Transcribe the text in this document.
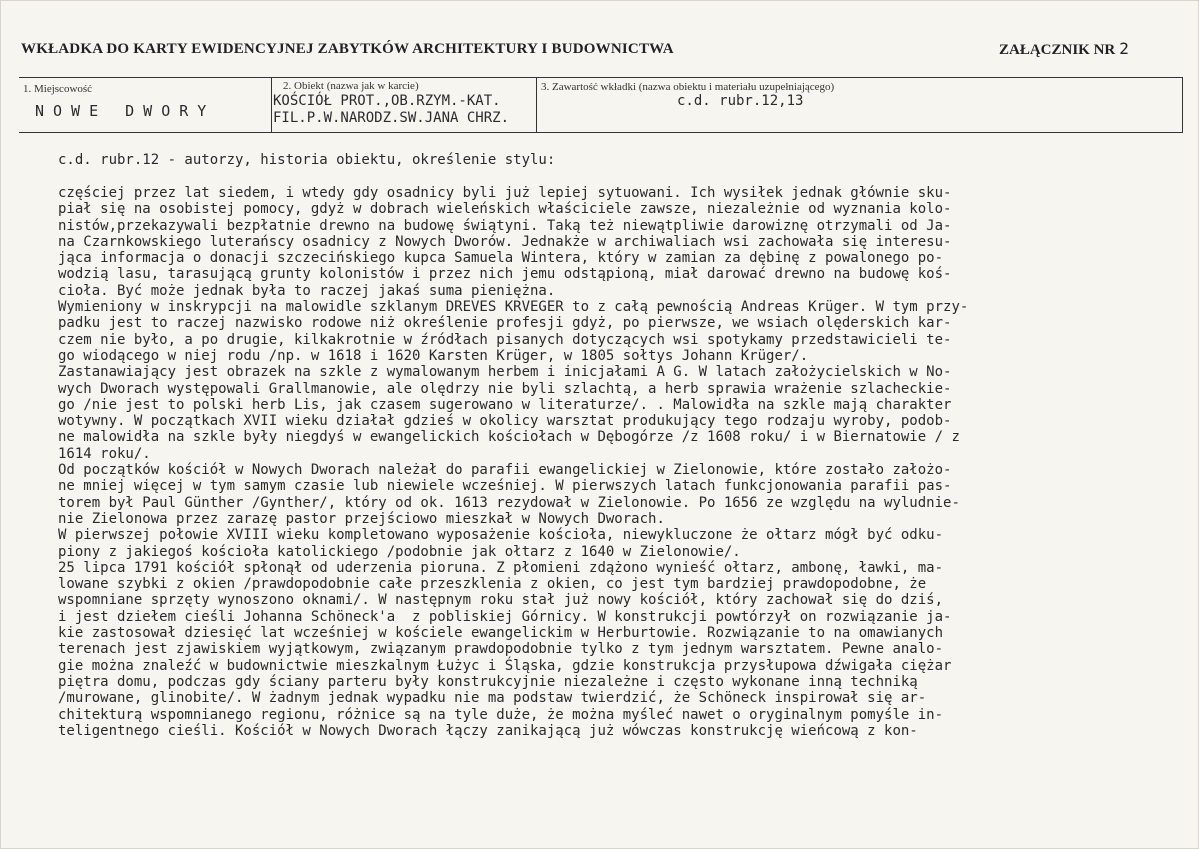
WKŁADKA DO KARTY EWIDENCYJNEJ ZABYTKÓW ARCHITEKTURY I BUDOWNICTWA	ZAŁĄCZNIK NR 2
1. Miejscowość
NOWE DWORY
2. Obiekt (nazwa jak w karcie)
KOŚCIÓŁ PROT.,OB.RZYM.-KAT.
FIL.P.W.NARODZ.SW.JANA CHRZ.
3. Zawartość wkładki (nazwa obiektu i materiału uzupełniającego)
c.d. rubr.12,13
c.d. rubr.12 - autorzy, historia obiektu, określenie stylu:
częściej przez lat siedem, i wtedy gdy osadnicy byli już lepiej sytuowani. Ich wysiłek jednak głównie sku-
piał się na osobistej pomocy, gdyż w dobrach wieleńskich właściciele zawsze, niezależnie od wyznania kolo-
nistów,przekazywali bezpłatnie drewno na budowę świątyni. Taką też niewątpliwie darowiznę otrzymali od Ja-
na Czarnkowskiego luterańscy osadnicy z Nowych Dworów. Jednakże w archiwaliach wsi zachowała się interesu-
jąca informacja o donacji szczecińskiego kupca Samuela Wintera, który w zamian za dębinę z powalonego po-
wodzią lasu, tarasującą grunty kolonistów i przez nich jemu odstąpioną, miał darować drewno na budowę koś-
cioła. Być może jednak była to raczej jakaś suma pieniężna.
Wymieniony w inskrypcji na malowidle szklanym DREVES KRVEGER to z całą pewnością Andreas Krüger. W tym przy-
padku jest to raczej nazwisko rodowe niż określenie profesji gdyż, po pierwsze, we wsiach olęderskich kar-
czem nie było, a po drugie, kilkakrotnie w źródłach pisanych dotyczących wsi spotykamy przedstawicieli te-
go wiodącego w niej rodu /np. w 1618 i 1620 Karsten Krüger, w 1805 sołtys Johann Krüger/.
Zastanawiający jest obrazek na szkle z wymalowanym herbem i inicjałami A G. W latach założycielskich w No-
wych Dworach występowali Grallmanowie, ale olędrzy nie byli szlachtą, a herb sprawia wrażenie szlacheckie-
go /nie jest to polski herb Lis, jak czasem sugerowano w literaturze/. . Malowidła na szkle mają charakter
wotywny. W początkach XVII wieku działał gdzieś w okolicy warsztat produkujący tego rodzaju wyroby, podob-
ne malowidła na szkle były niegdyś w ewangelickich kościołach w Dębogórze /z 1608 roku/ i w Biernatowie / z
1614 roku/.
Od początków kościół w Nowych Dworach należał do parafii ewangelickiej w Zielonowie, które zostało założo-
ne mniej więcej w tym samym czasie lub niewiele wcześniej. W pierwszych latach funkcjonowania parafii pas-
torem był Paul Günther /Gynther/, który od ok. 1613 rezydował w Zielonowie. Po 1656 ze względu na wyludnie-
nie Zielonowa przez zarazę pastor przejściowo mieszkał w Nowych Dworach.
W pierwszej połowie XVIII wieku kompletowano wyposażenie kościoła, niewykluczone że ołtarz mógł być odku-
piony z jakiegoś kościoła katolickiego /podobnie jak ołtarz z 1640 w Zielonowie/.
25 lipca 1791 kościół spłonął od uderzenia pioruna. Z płomieni zdążono wynieść ołtarz, ambonę, ławki, ma-
lowane szybki z okien /prawdopodobnie całe przeszklenia z okien, co jest tym bardziej prawdopodobne, że
wspomniane sprzęty wynoszono oknami/. W następnym roku stał już nowy kościół, który zachował się do dziś,
i jest dziełem cieśli Johanna Schöneck'a  z pobliskiej Górnicy. W konstrukcji powtórzył on rozwiązanie ja-
kie zastosował dziesięć lat wcześniej w kościele ewangelickim w Herburtowie. Rozwiązanie to na omawianych
terenach jest zjawiskiem wyjątkowym, związanym prawdopodobnie tylko z tym jednym warsztatem. Pewne analo-
gie można znaleźć w budownictwie mieszkalnym Łużyc i Śląska, gdzie konstrukcja przysłupowa dźwigała ciężar
piętra domu, podczas gdy ściany parteru były konstrukcyjnie niezależne i często wykonane inną techniką
/murowane, glinobite/. W żadnym jednak wypadku nie ma podstaw twierdzić, że Schöneck inspirował się ar-
chitekturą wspomnianego regionu, różnice są na tyle duże, że można myśleć nawet o oryginalnym pomyśle in-
teligentnego cieśli. Kościół w Nowych Dworach łączy zanikającą już wówczas konstrukcję wieńcową z kon-
